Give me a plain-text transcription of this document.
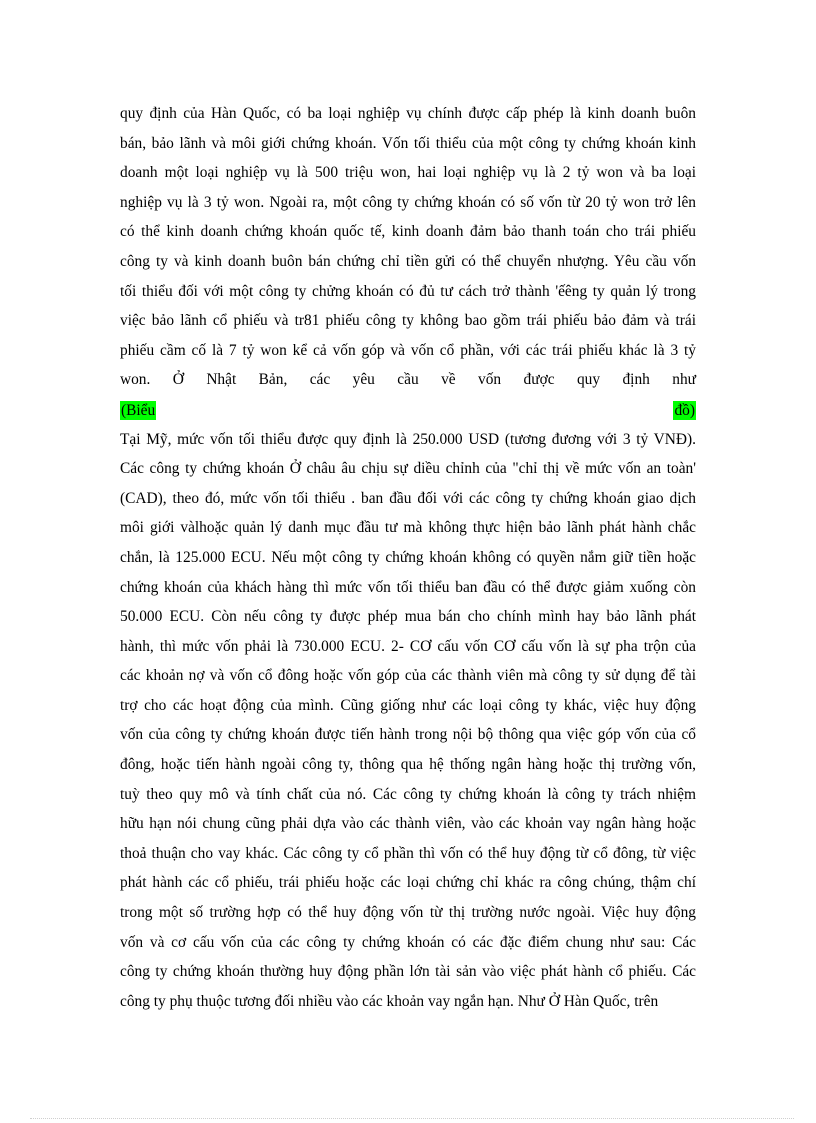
quy định của Hàn Quốc, có ba loại nghiệp vụ chính được cấp phép là kinh doanh buôn
bán, bảo lãnh và môi giới chứng khoán. Vốn tối thiểu của một công ty chứng khoán kinh
doanh một loại nghiệp vụ là 500 triệu won, hai loại nghiệp vụ là 2 tỷ won và ba loại
nghiệp vụ là 3 tỷ won. Ngoài ra, một công ty chứng khoán có số vốn từ 20 tỷ won trở lên
có thể kinh doanh chứng khoán quốc tế, kinh doanh đảm bảo thanh toán cho trái phiếu
công ty và kinh doanh buôn bán chứng chỉ tiền gửi có thể chuyển nhượng. Yêu cầu vốn
tối thiểu đối với một công ty chửng khoán có đủ tư cách trở thành 'ếêng ty quản lý trong
việc bảo lãnh cổ phiếu và tr81 phiếu công ty không bao gồm trái phiếu bảo đảm và trái
phiếu cầm cố là 7 tỷ won kể cả vốn góp và vốn cổ phần, với các trái phiếu khác là 3 tỷ
won. Ở Nhật Bản, các yêu cầu về vốn được quy định như
(Biểu	đồ)
Tại Mỹ, mức vốn tối thiểu được quy định là 250.000 USD (tương đương với 3 tỷ VNĐ).
Các công ty chứng khoán Ở châu âu chịu sự diều chỉnh của "chỉ thị về mức vốn an toàn'
(CAD), theo đó, mức vốn tối thiểu . ban đầu đối với các công ty chứng khoán giao dịch
môi giới vàlhoặc quản lý danh mục đầu tư mà không thực hiện bảo lãnh phát hành chắc
chắn, là 125.000 ECU. Nếu một công ty chứng khoán không có quyền nắm giữ tiền hoặc
chứng khoán của khách hàng thì mức vốn tối thiểu ban đầu có thể được giảm xuống còn
50.000 ECU. Còn nếu công ty được phép mua bán cho chính mình hay bảo lãnh phát
hành, thì mức vốn phải là 730.000 ECU. 2- CƠ cấu vốn CƠ cấu vốn là sự pha trộn của
các khoản nợ và vốn cổ đông hoặc vốn góp của các thành viên mà công ty sử dụng để tài
trợ cho các hoạt động của mình. Cũng giống như các loại công ty khác, việc huy động
vốn của công ty chứng khoán được tiến hành trong nội bộ thông qua việc góp vốn của cổ
đông, hoặc tiến hành ngoài công ty, thông qua hệ thống ngân hàng hoặc thị trường vốn,
tuỳ theo quy mô và tính chất của nó. Các công ty chứng khoán là công ty trách nhiệm
hữu hạn nói chung cũng phải dựa vào các thành viên, vào các khoản vay ngân hàng hoặc
thoả thuận cho vay khác. Các công ty cổ phần thì vốn có thể huy động từ cổ đông, từ việc
phát hành các cổ phiếu, trái phiếu hoặc các loại chứng chỉ khác ra công chúng, thậm chí
trong một số trường hợp có thể huy động vốn từ thị trường nước ngoài. Việc huy động
vốn và cơ cấu vốn của các công ty chứng khoán có các đặc điểm chung như sau: Các
công ty chứng khoán thường huy động phần lớn tài sản vào việc phát hành cổ phiếu. Các
công ty phụ thuộc tương đối nhiều vào các khoản vay ngắn hạn. Như Ở Hàn Quốc, trên
